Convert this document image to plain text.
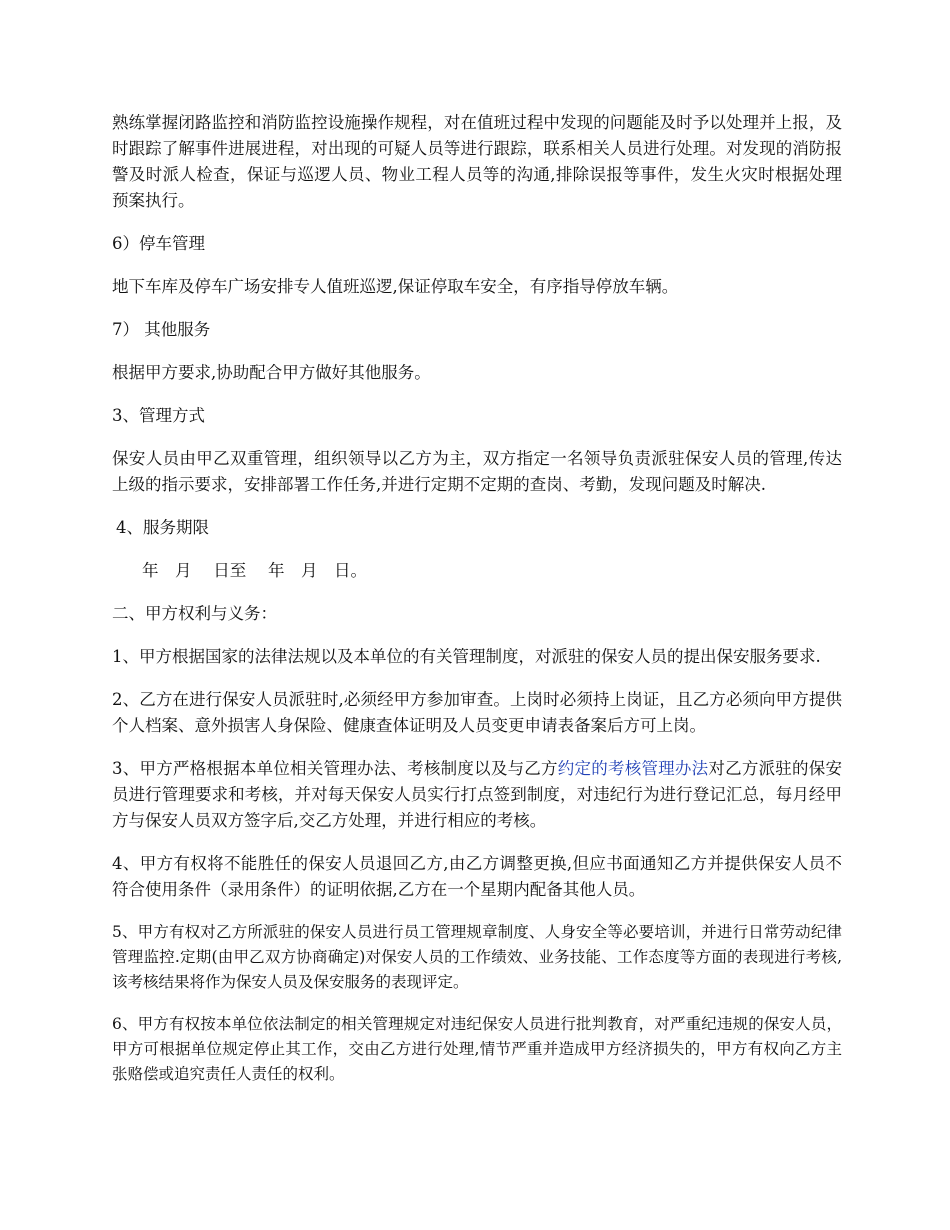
熟练掌握闭路监控和消防监控设施操作规程，对在值班过程中发现的问题能及时予以处理并上报，及时跟踪了解事件进展进程，对出现的可疑人员等进行跟踪，联系相关人员进行处理。对发现的消防报警及时派人检查，保证与巡逻人员、物业工程人员等的沟通,排除误报等事件，发生火灾时根据处理预案执行。

6）停车管理

地下车库及停车广场安排专人值班巡逻,保证停取车安全，有序指导停放车辆。

7） 其他服务

根据甲方要求,协助配合甲方做好其他服务。

3、管理方式

保安人员由甲乙双重管理，组织领导以乙方为主，双方指定一名领导负责派驻保安人员的管理,传达上级的指示要求，安排部署工作任务,并进行定期不定期的查岗、考勤，发现问题及时解决.

4、服务期限

年　月　 日至　 年　月　日。

二、甲方权利与义务：

1、甲方根据国家的法律法规以及本单位的有关管理制度，对派驻的保安人员的提出保安服务要求.

2、乙方在进行保安人员派驻时,必须经甲方参加审查。上岗时必须持上岗证，且乙方必须向甲方提供个人档案、意外损害人身保险、健康查体证明及人员变更申请表备案后方可上岗。

3、甲方严格根据本单位相关管理办法、考核制度以及与乙方约定的考核管理办法对乙方派驻的保安员进行管理要求和考核，并对每天保安人员实行打点签到制度，对违纪行为进行登记汇总，每月经甲方与保安人员双方签字后,交乙方处理，并进行相应的考核。

4、甲方有权将不能胜任的保安人员退回乙方,由乙方调整更换,但应书面通知乙方并提供保安人员不符合使用条件（录用条件）的证明依据,乙方在一个星期内配备其他人员。

5、甲方有权对乙方所派驻的保安人员进行员工管理规章制度、人身安全等必要培训，并进行日常劳动纪律管理监控.定期(由甲乙双方协商确定)对保安人员的工作绩效、业务技能、工作态度等方面的表现进行考核,该考核结果将作为保安人员及保安服务的表现评定。

6、甲方有权按本单位依法制定的相关管理规定对违纪保安人员进行批判教育，对严重纪违规的保安人员，甲方可根据单位规定停止其工作，交由乙方进行处理,情节严重并造成甲方经济损失的，甲方有权向乙方主张赂偿或追究责任人责任的权利。
